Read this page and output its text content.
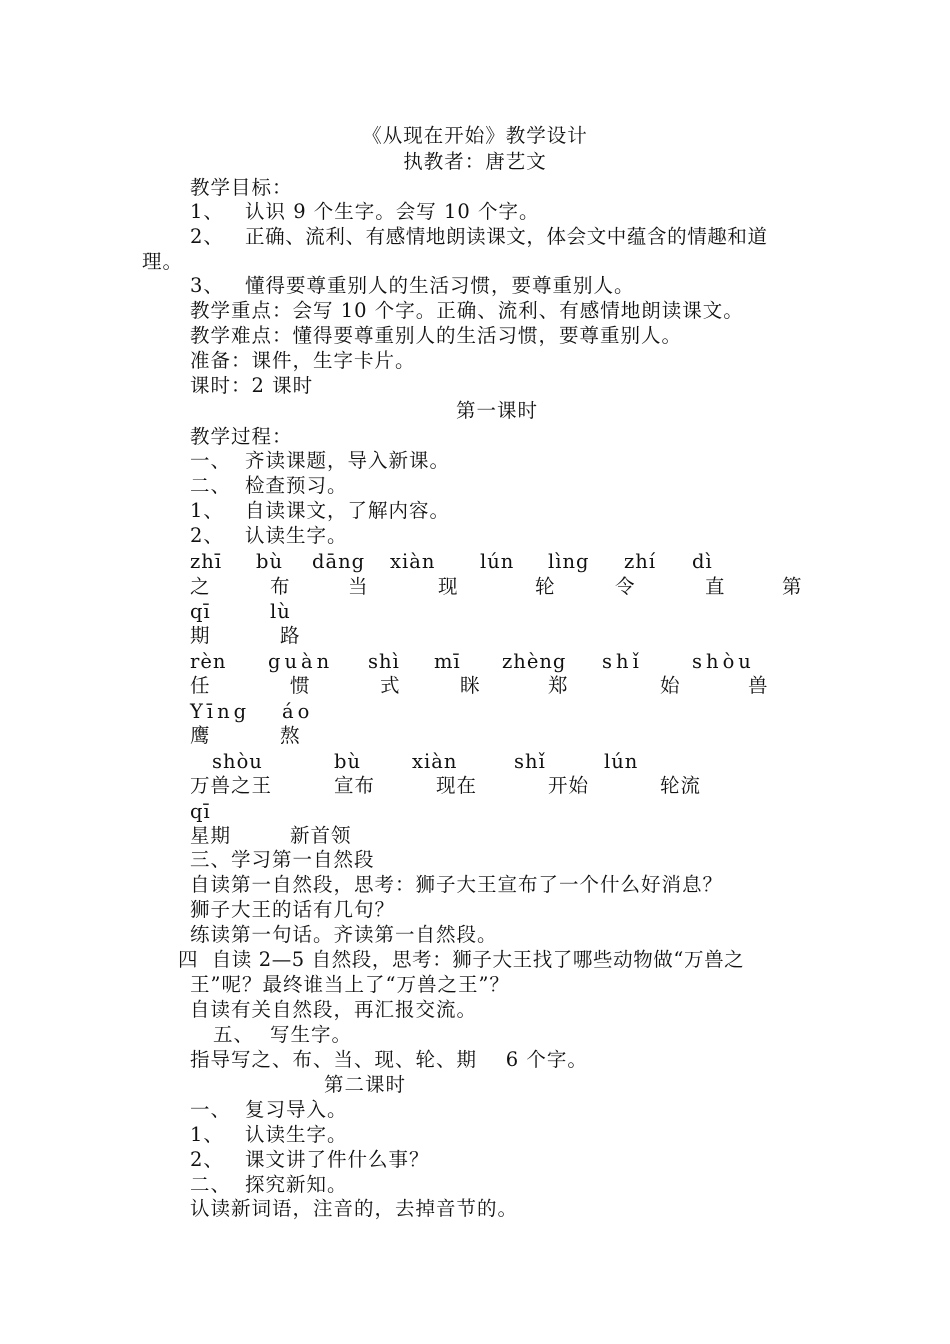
《从现在开始》教学设计
执教者：唐艺文
教学目标：
1、 认识 9 个生字。会写 10 个字。
2、 正确、流利、有感情地朗读课文，体会文中蕴含的情趣和道
理。
3、 懂得要尊重别人的生活习惯，要尊重别人。
教学重点：会写 10 个字。正确、流利、有感情地朗读课文。
教学难点：懂得要尊重别人的生活习惯，要尊重别人。
准备：课件，生字卡片。
课时：2 课时
第一课时
教学过程：
一、 齐读课题，导入新课。
二、 检查预习。
1、 自读课文，了解内容。
2、 认读生字。
zhī bù dāng xiàn lún lìng zhí dì
之	布	当	现	轮	令	直	第
qī	lù
期	路
rèn guàn shì mī zhèng shǐ	shòu
任	惯	式	眯	郑	始	兽
Yīng áo
鹰	熬
shòu	bù	xiàn	shǐ	lún
万兽之王	宣布	现在	开始	轮流
qī
星期	新首领
三、学习第一自然段
自读第一自然段，思考：狮子大王宣布了一个什么好消息？
狮子大王的话有几句？
练读第一句话。齐读第一自然段。
四  自读 2—5 自然段，思考：狮子大王找了哪些动物做“万兽之
王”呢？最终谁当上了“万兽之王”？
自读有关自然段，再汇报交流。
五、 写生字。
指导写之、布、当、现、轮、期    6 个字。
第二课时
一、 复习导入。
1、 认读生字。
2、 课文讲了件什么事？
二、 探究新知。
认读新词语，注音的，去掉音节的。
